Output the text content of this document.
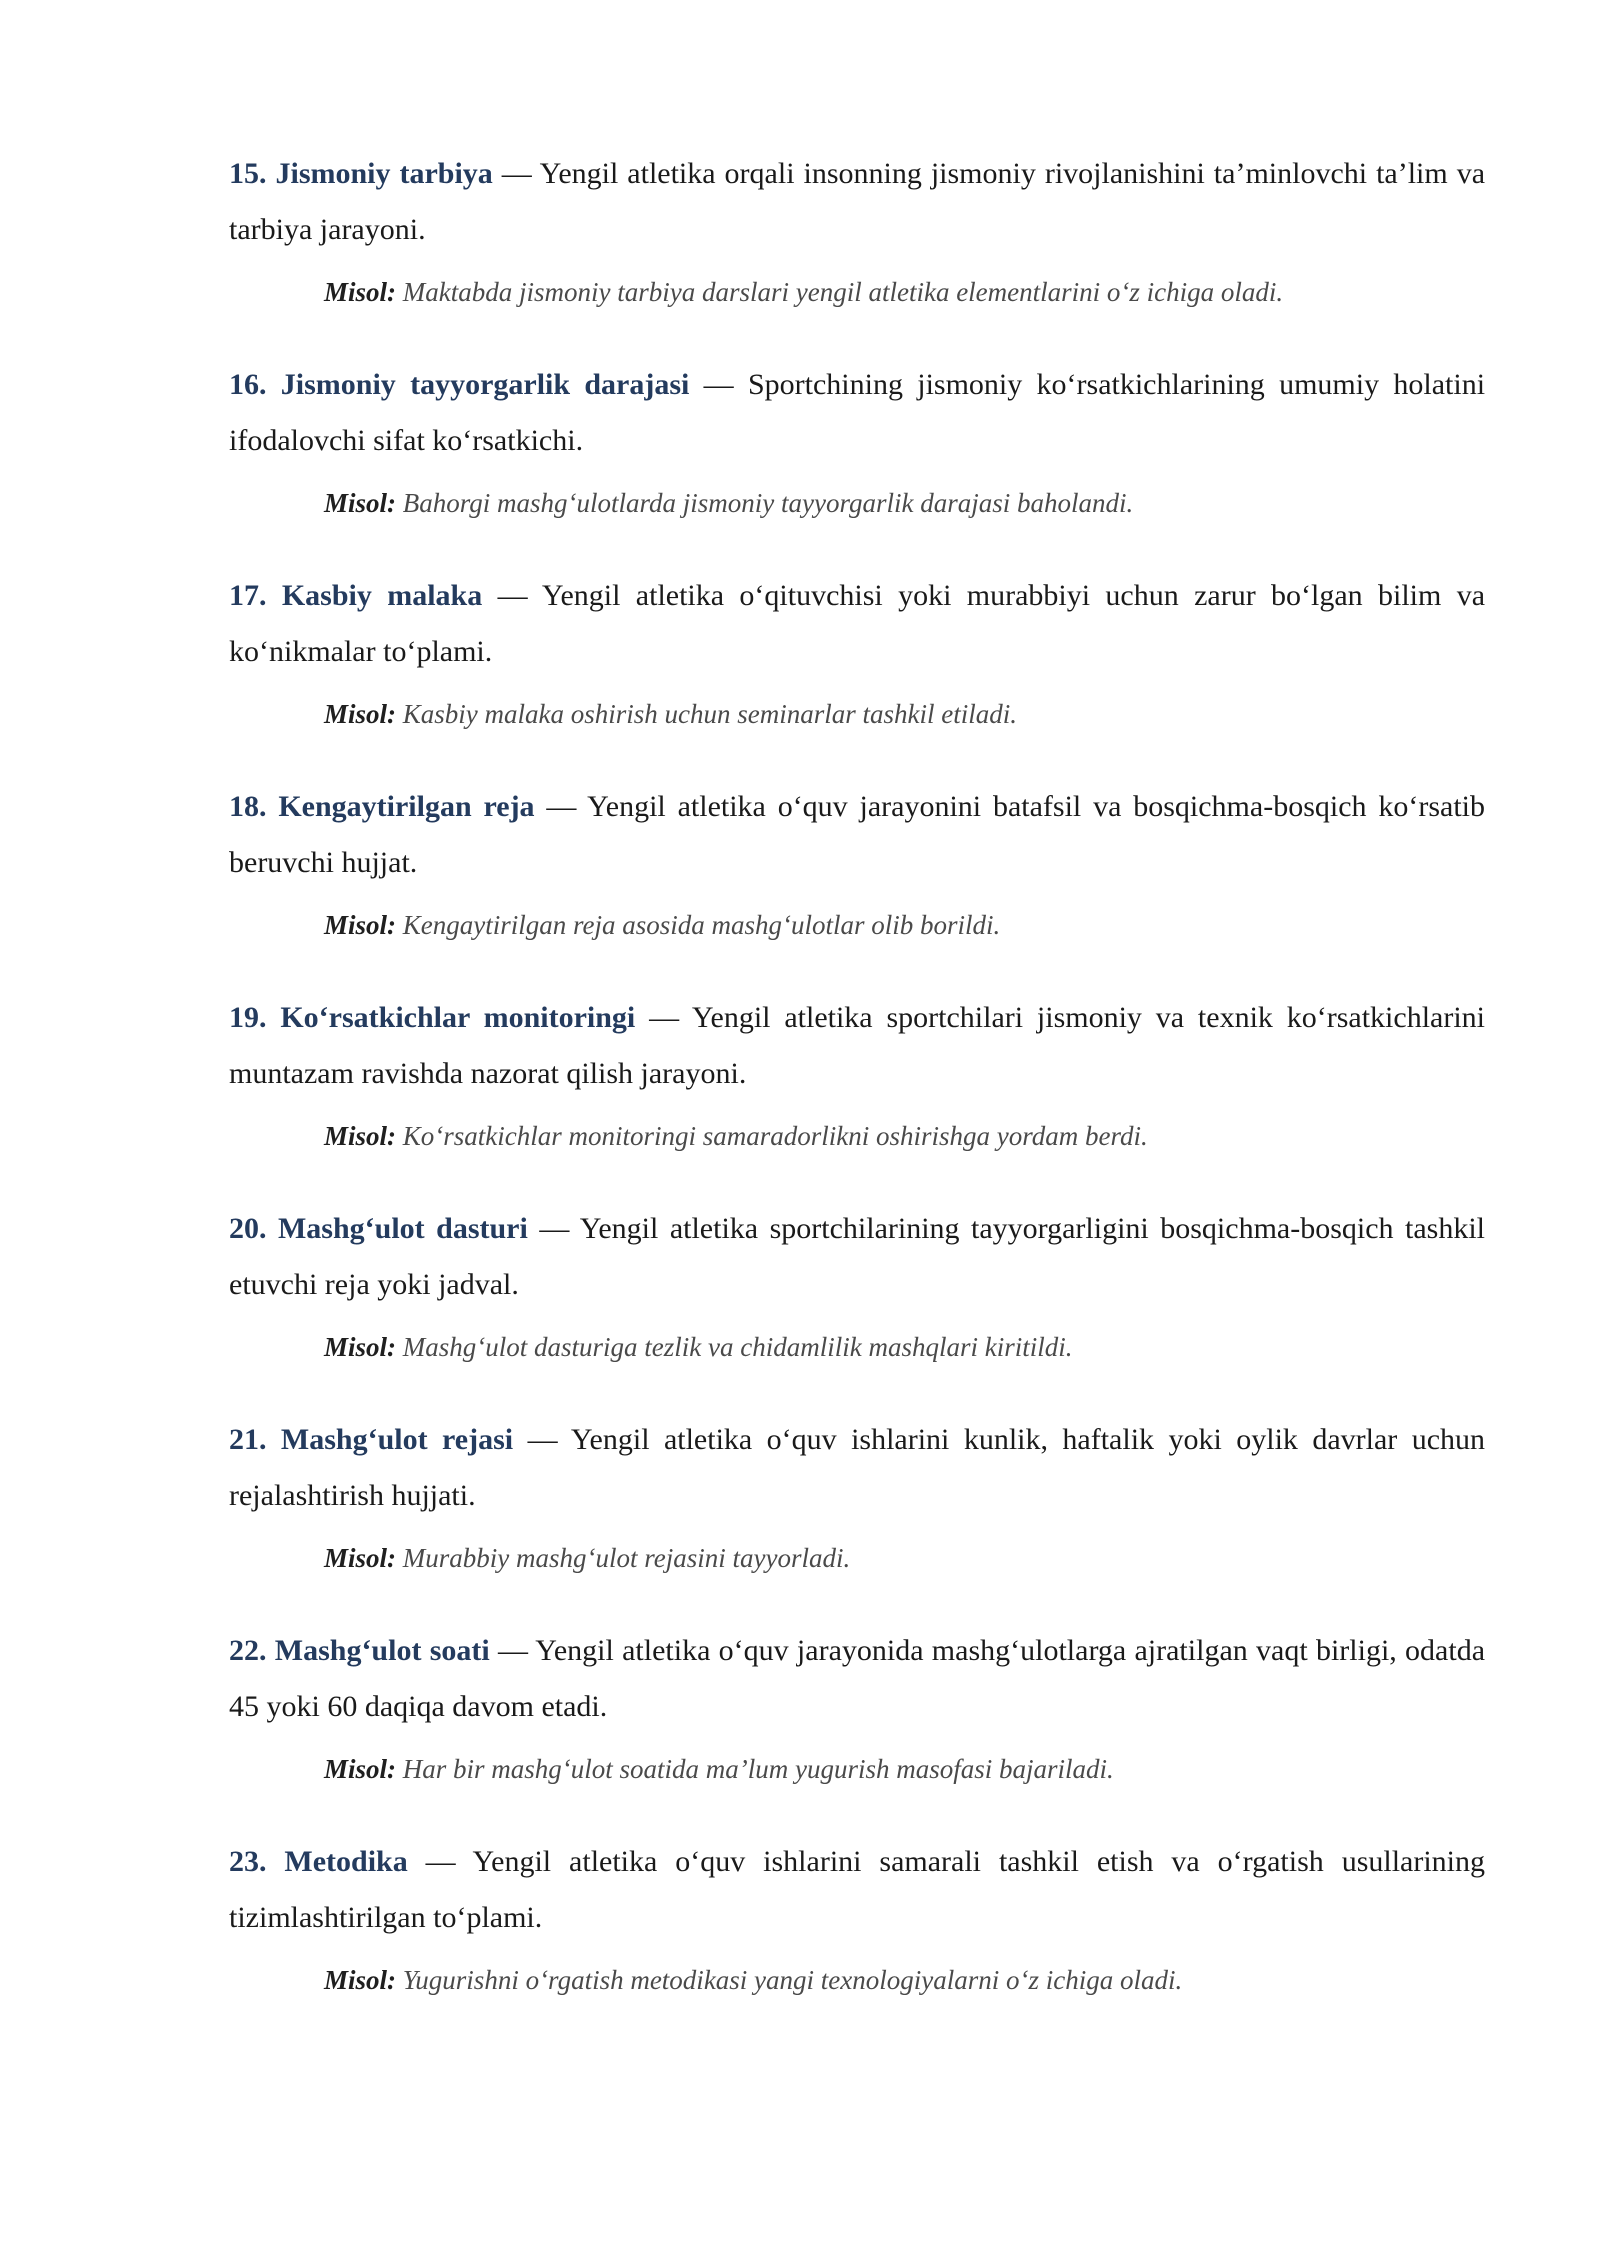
15. Jismoniy tarbiya — Yengil atletika orqali insonning jismoniy rivojlanishini ta’minlovchi ta’lim va tarbiya jarayoni.

Misol: Maktabda jismoniy tarbiya darslari yengil atletika elementlarini o‘z ichiga oladi.

16. Jismoniy tayyorgarlik darajasi — Sportchining jismoniy ko‘rsatkichlarining umumiy holatini ifodalovchi sifat ko‘rsatkichi.

Misol: Bahorgi mashg‘ulotlarda jismoniy tayyorgarlik darajasi baholandi.

17. Kasbiy malaka — Yengil atletika o‘qituvchisi yoki murabbiyi uchun zarur bo‘lgan bilim va ko‘nikmalar to‘plami.

Misol: Kasbiy malaka oshirish uchun seminarlar tashkil etiladi.

18. Kengaytirilgan reja — Yengil atletika o‘quv jarayonini batafsil va bosqichma-bosqich ko‘rsatib beruvchi hujjat.

Misol: Kengaytirilgan reja asosida mashg‘ulotlar olib borildi.

19. Ko‘rsatkichlar monitoringi — Yengil atletika sportchilari jismoniy va texnik ko‘rsatkichlarini muntazam ravishda nazorat qilish jarayoni.

Misol: Ko‘rsatkichlar monitoringi samaradorlikni oshirishga yordam berdi.

20. Mashg‘ulot dasturi — Yengil atletika sportchilarining tayyorgarligini bosqichma-bosqich tashkil etuvchi reja yoki jadval.

Misol: Mashg‘ulot dasturiga tezlik va chidamlilik mashqlari kiritildi.

21. Mashg‘ulot rejasi — Yengil atletika o‘quv ishlarini kunlik, haftalik yoki oylik davrlar uchun rejalashtirish hujjati.

Misol: Murabbiy mashg‘ulot rejasini tayyorladi.

22. Mashg‘ulot soati — Yengil atletika o‘quv jarayonida mashg‘ulotlarga ajratilgan vaqt birligi, odatda 45 yoki 60 daqiqa davom etadi.

Misol: Har bir mashg‘ulot soatida ma’lum yugurish masofasi bajariladi.

23. Metodika — Yengil atletika o‘quv ishlarini samarali tashkil etish va o‘rgatish usullarining tizimlashtirilgan to‘plami.

Misol: Yugurishni o‘rgatish metodikasi yangi texnologiyalarni o‘z ichiga oladi.
